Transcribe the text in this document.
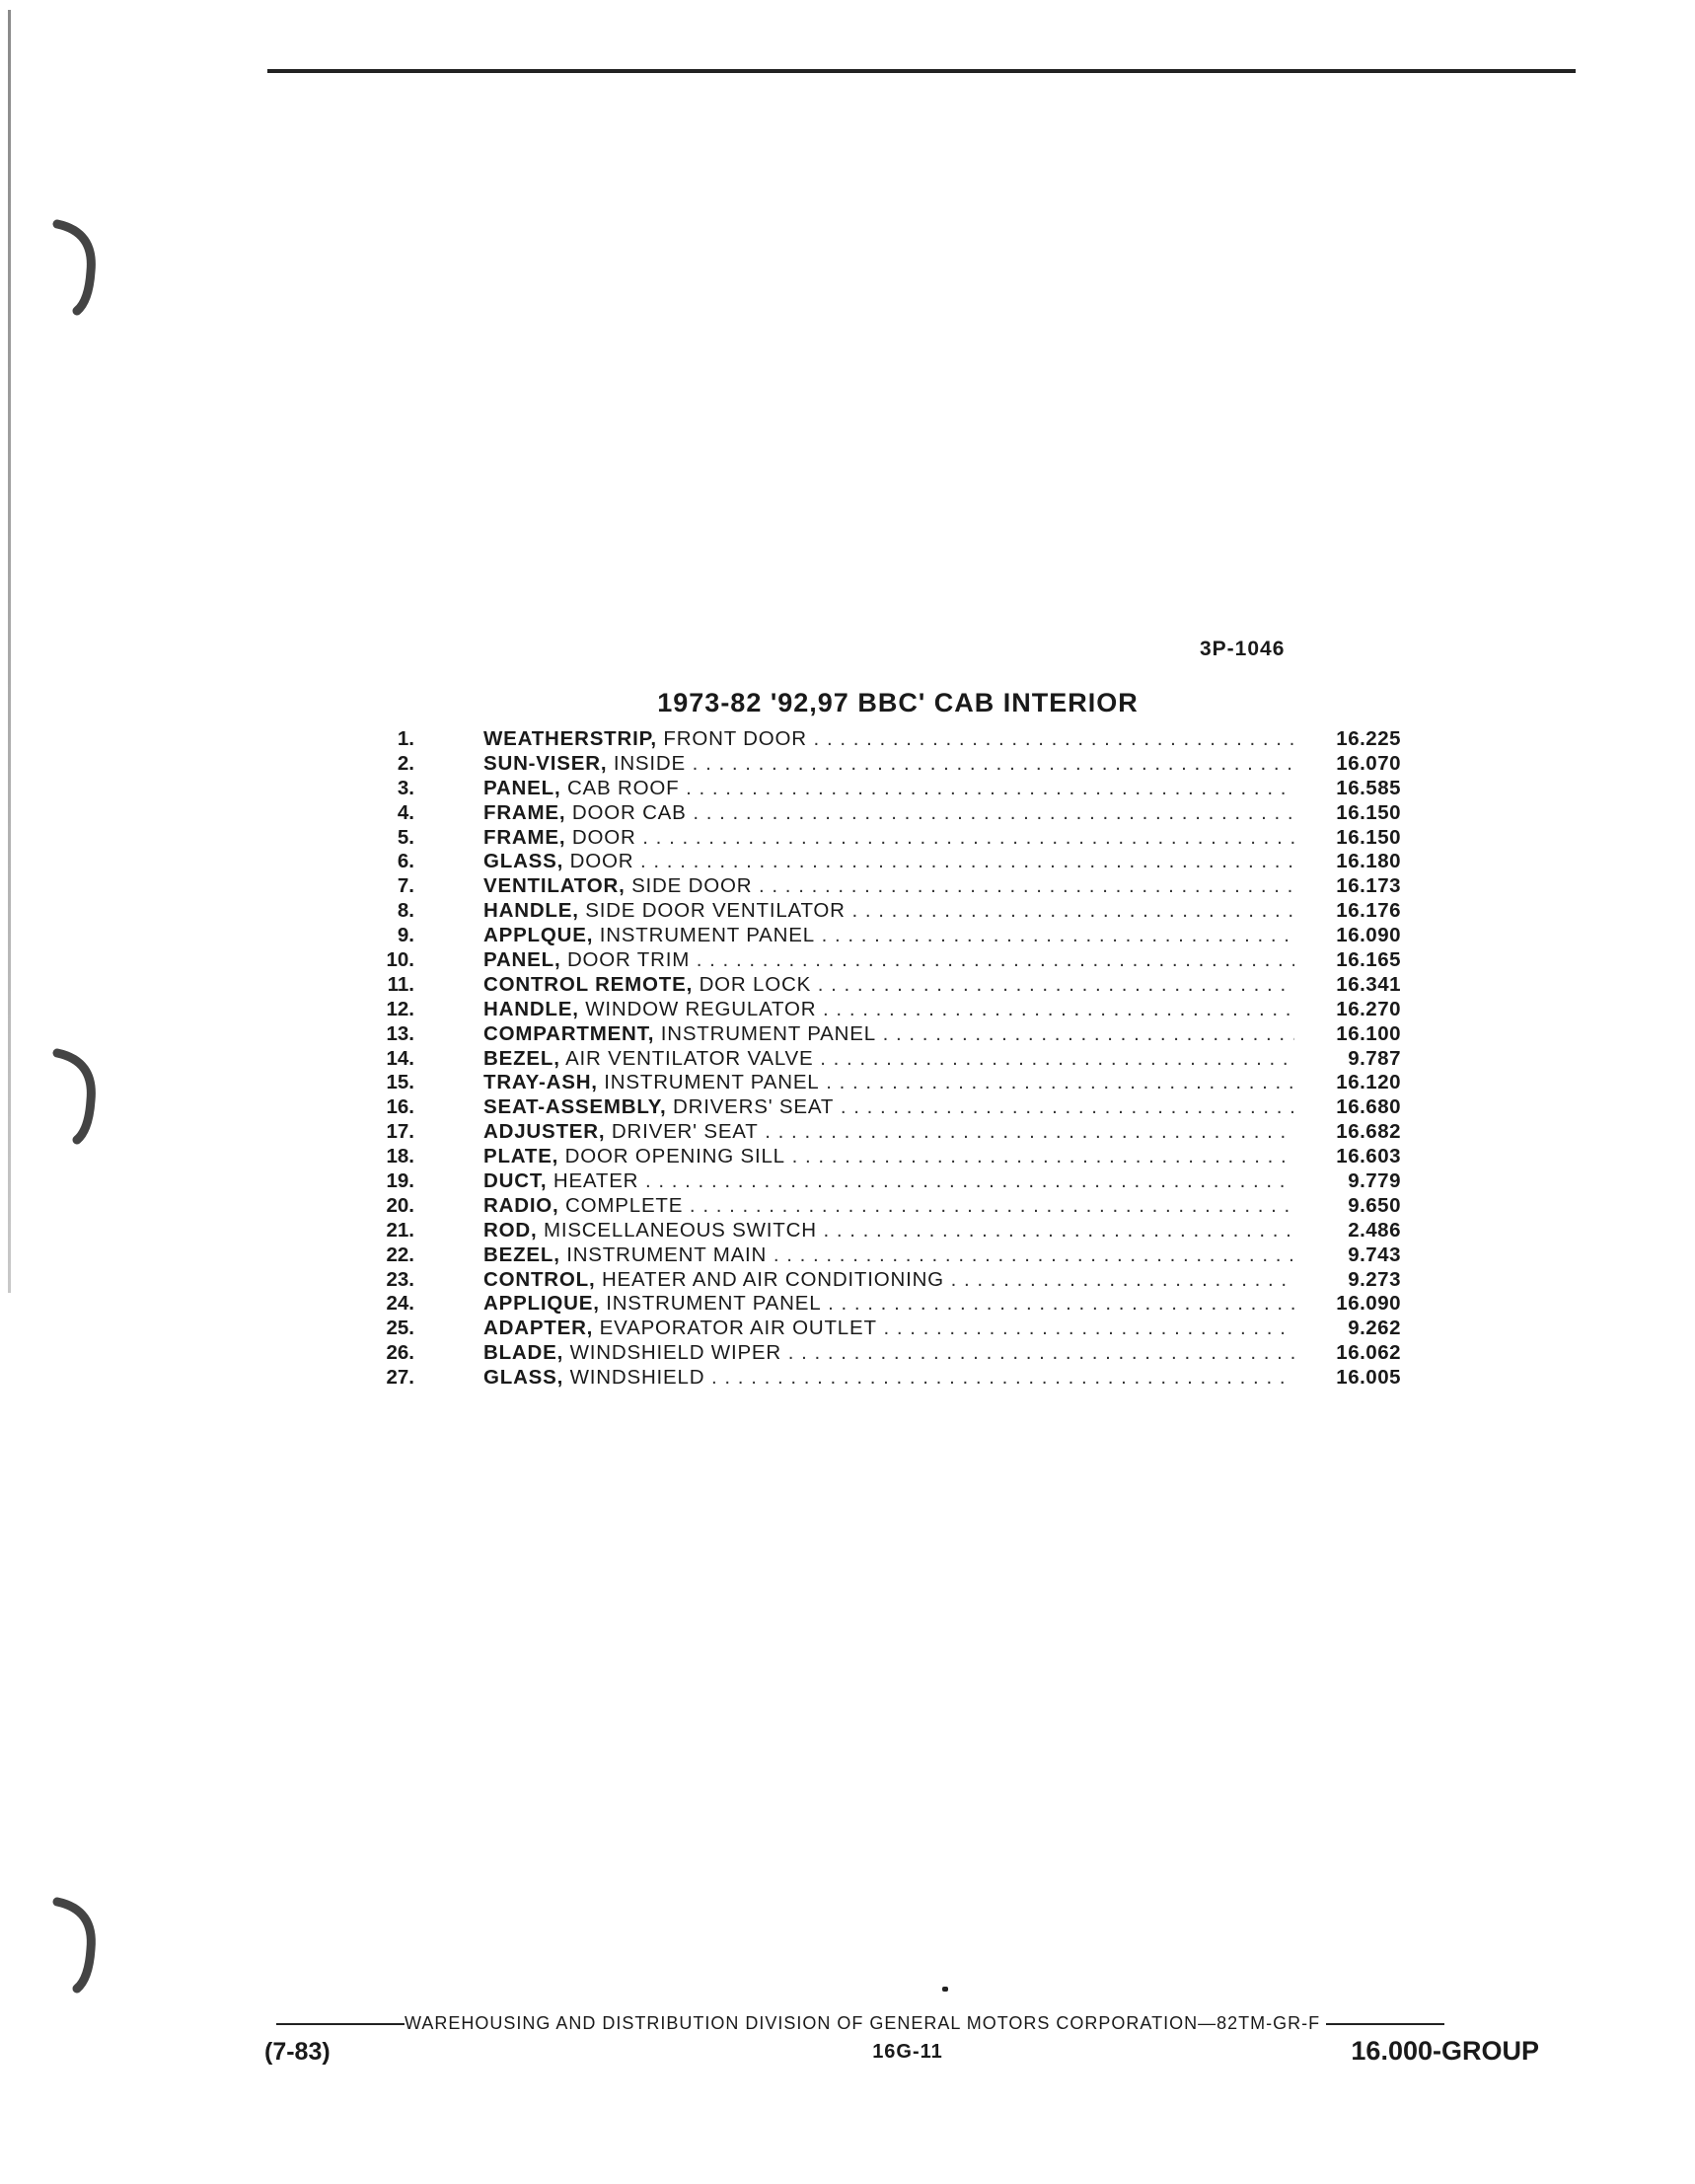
3P-1046
1973-82 '92,97 BBC' CAB INTERIOR
1.	WEATHERSTRIP, FRONT DOOR . . .	16.225
2.	SUN-VISER, INSIDE . . .	16.070
3.	PANEL, CAB ROOF . . .	16.585
4.	FRAME, DOOR CAB . . .	16.150
5.	FRAME, DOOR . . .	16.150
6.	GLASS, DOOR . . .	16.180
7.	VENTILATOR, SIDE DOOR . . .	16.173
8.	HANDLE, SIDE DOOR VENTILATOR . . .	16.176
9.	APPLQUE, INSTRUMENT PANEL . . .	16.090
10.	PANEL, DOOR TRIM . . .	16.165
11.	CONTROL REMOTE, DOR LOCK . . .	16.341
12.	HANDLE, WINDOW REGULATOR . . .	16.270
13.	COMPARTMENT, INSTRUMENT PANEL . . .	16.100
14.	BEZEL, AIR VENTILATOR VALVE . . .	9.787
15.	TRAY-ASH, INSTRUMENT PANEL . . .	16.120
16.	SEAT-ASSEMBLY, DRIVERS' SEAT . . .	16.680
17.	ADJUSTER, DRIVER' SEAT . . .	16.682
18.	PLATE, DOOR OPENING SILL . . .	16.603
19.	DUCT, HEATER . . .	9.779
20.	RADIO, COMPLETE . . .	9.650
21.	ROD, MISCELLANEOUS SWITCH . . .	2.486
22.	BEZEL, INSTRUMENT MAIN . . .	9.743
23.	CONTROL, HEATER AND AIR CONDITIONING . . .	9.273
24.	APPLIQUE, INSTRUMENT PANEL . . .	16.090
25.	ADAPTER, EVAPORATOR AIR OUTLET . . .	9.262
26.	BLADE, WINDSHIELD WIPER . . .	16.062
27.	GLASS, WINDSHIELD . . .	16.005
WAREHOUSING AND DISTRIBUTION DIVISION OF GENERAL MOTORS CORPORATION—82TM-GR-F
(7-83)	16G-11	16.000-GROUP
